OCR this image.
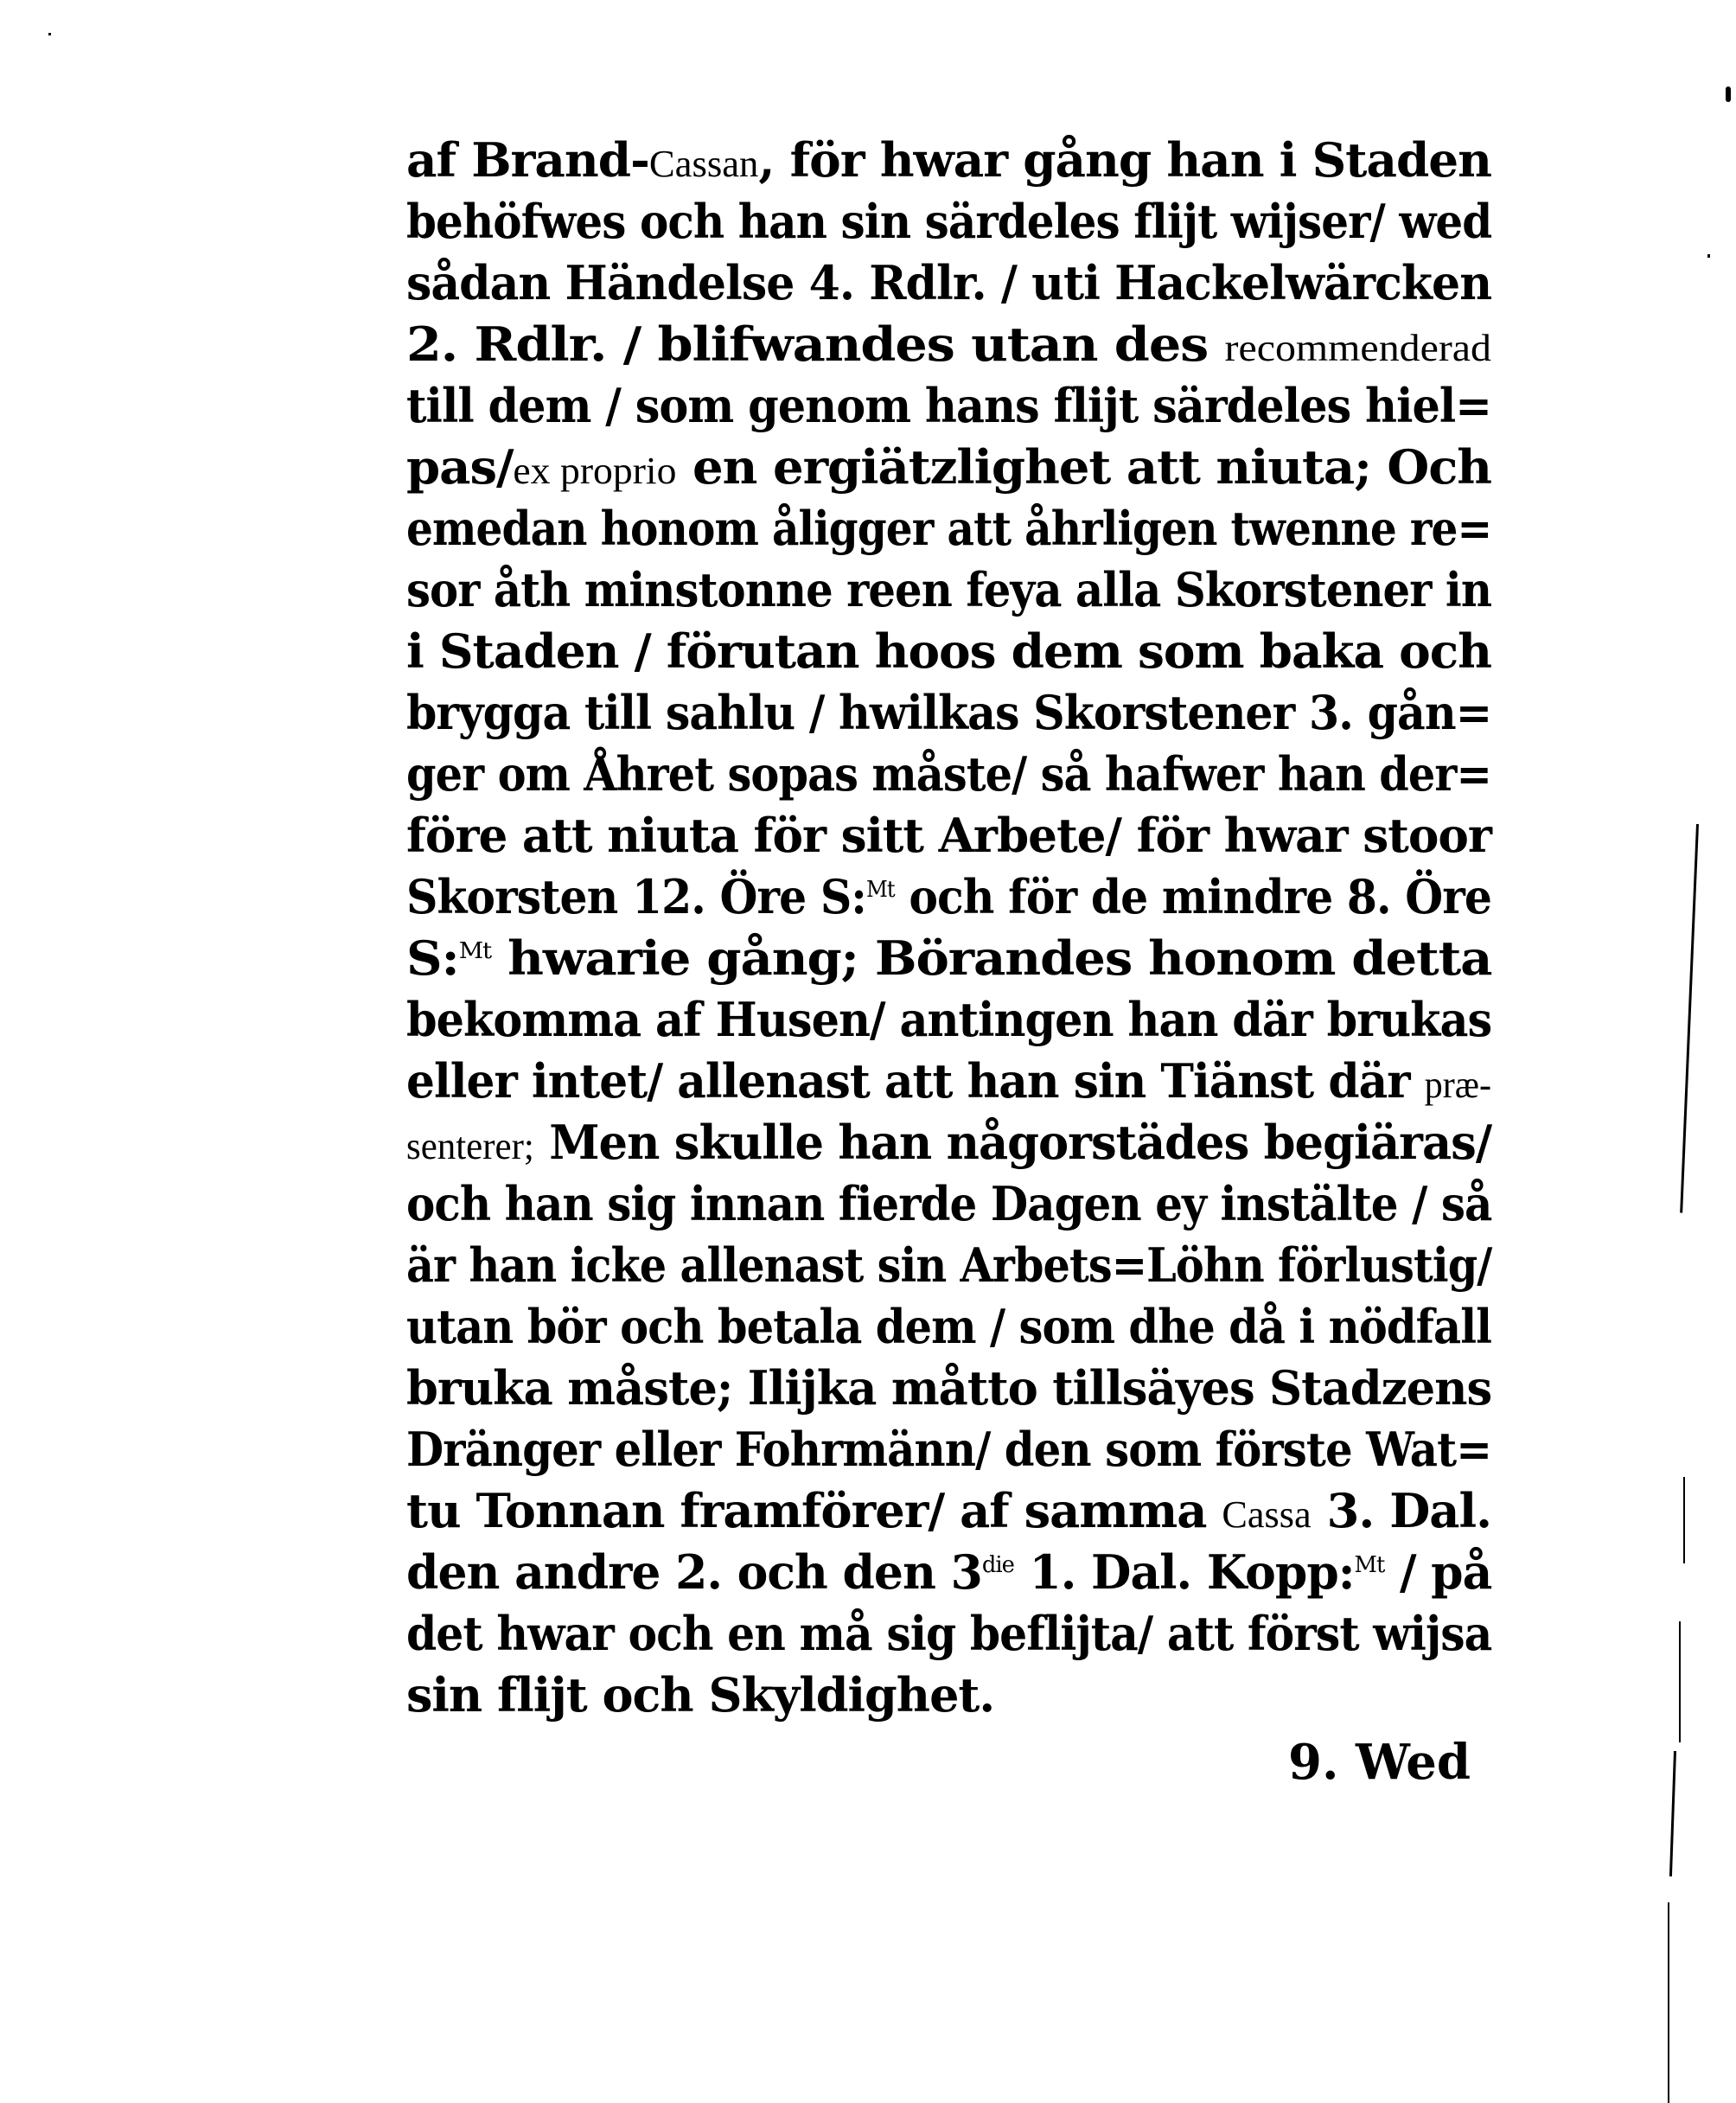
af Brand-Cassan, för hwar gång han i Staden
behöfwes och han sin särdeles flijt wijser/ wed
sådan Händelse 4. Rdlr. / uti Hackelwärcken
2. Rdlr. / blifwandes utan des recommenderad
till dem / som genom hans flijt särdeles hiel=
pas/ex proprio en ergiätzlighet att niuta; Och
emedan honom åligger att åhrligen twenne re=
sor åth minstonne reen feya alla Skorstener in
i Staden / förutan hoos dem som baka och
brygga till sahlu / hwilkas Skorstener 3. gån=
ger om Åhret sopas måste/ så hafwer han der=
före att niuta för sitt Arbete/ för hwar stoor
Skorsten 12. Öre S:$^{Mt}$ och för de mindre 8. Öre
S:$^{Mt}$ hwarie gång; Börandes honom detta
bekomma af Husen/ antingen han där brukas
eller intet/ allenast att han sin Tiänst där præ-
senterer; Men skulle han någorstädes begiäras/
och han sig innan fierde Dagen ey instälte / så
är han icke allenast sin Arbets=Löhn förlustig/
utan bör och betala dem / som dhe då i nödfall
bruka måste; Ilijka måtto tillsäyes Stadzens
Dränger eller Fohrmänn/ den som förste Wat=
tu Tonnan framförer/ af samma Cassa 3. Dal.
den andre 2. och den $3^{die}$ 1. Dal. Kopp:$^{Mt}$ / på
det hwar och en må sig beflijta/ att först wijsa
sin flijt och Skyldighet.
9. Wed
